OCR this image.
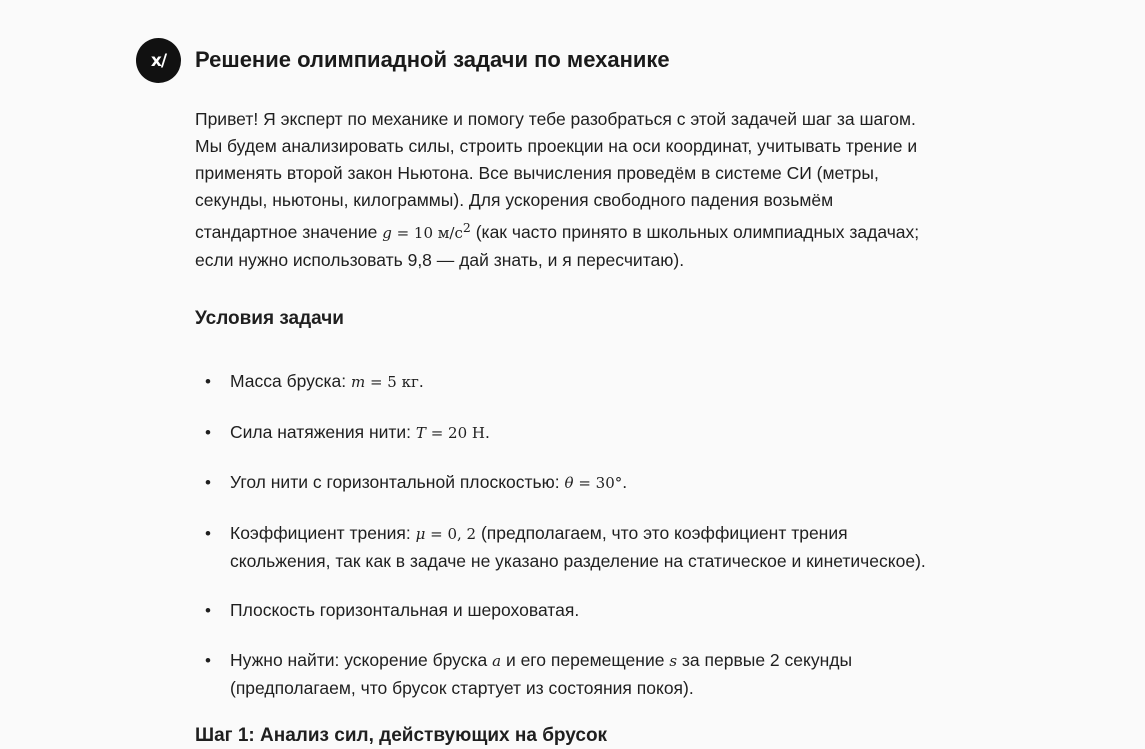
x/ Решение олимпиадной задачи по механике

Привет! Я эксперт по механике и помогу тебе разобраться с этой задачей шаг за шагом.
Мы будем анализировать силы, строить проекции на оси координат, учитывать трение и
применять второй закон Ньютона. Все вычисления проведём в системе СИ (метры,
секунды, ньютоны, килограммы). Для ускорения свободного падения возьмём
стандартное значение g = 10 $м/с^2$ (как часто принято в школьных олимпиадных задачах;
если нужно использовать 9,8 — дай знать, и я пересчитаю).

Условия задачи
• Масса бруска: m = 5 кг.
• Сила натяжения нити: T = 20 Н.
• Угол нити с горизонтальной плоскостью: θ = 30°.
• Коэффициент трения: μ = 0, 2 (предполагаем, что это коэффициент трения
скольжения, так как в задаче не указано разделение на статическое и кинетическое).
• Плоскость горизонтальная и шероховатая.
• Нужно найти: ускорение бруска a и его перемещение s за первые 2 секунды
(предполагаем, что брусок стартует из состояния покоя).
Шаг 1: Анализ сил, действующих на брусок
